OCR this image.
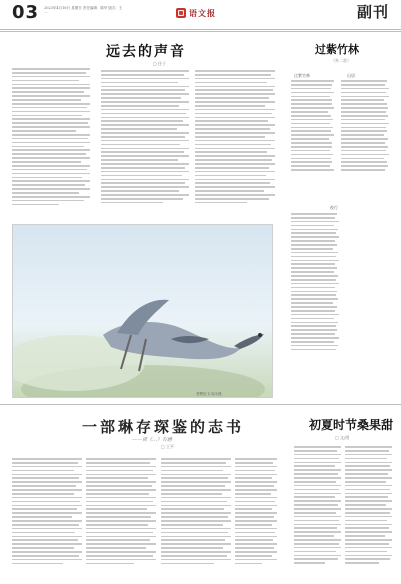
03 2023年4月16日 星期日 责任编辑：陈华 版式：王一	语文报	副刊
远去的声音
□ 任子
苍鹭低飞 周永摄
过紫竹林
（外二首）
过紫竹林	山居
夜行
一部琳存琛鉴的志书
——读《…》有感
□ 王平
初夏时节桑果甜
□ 文/图
